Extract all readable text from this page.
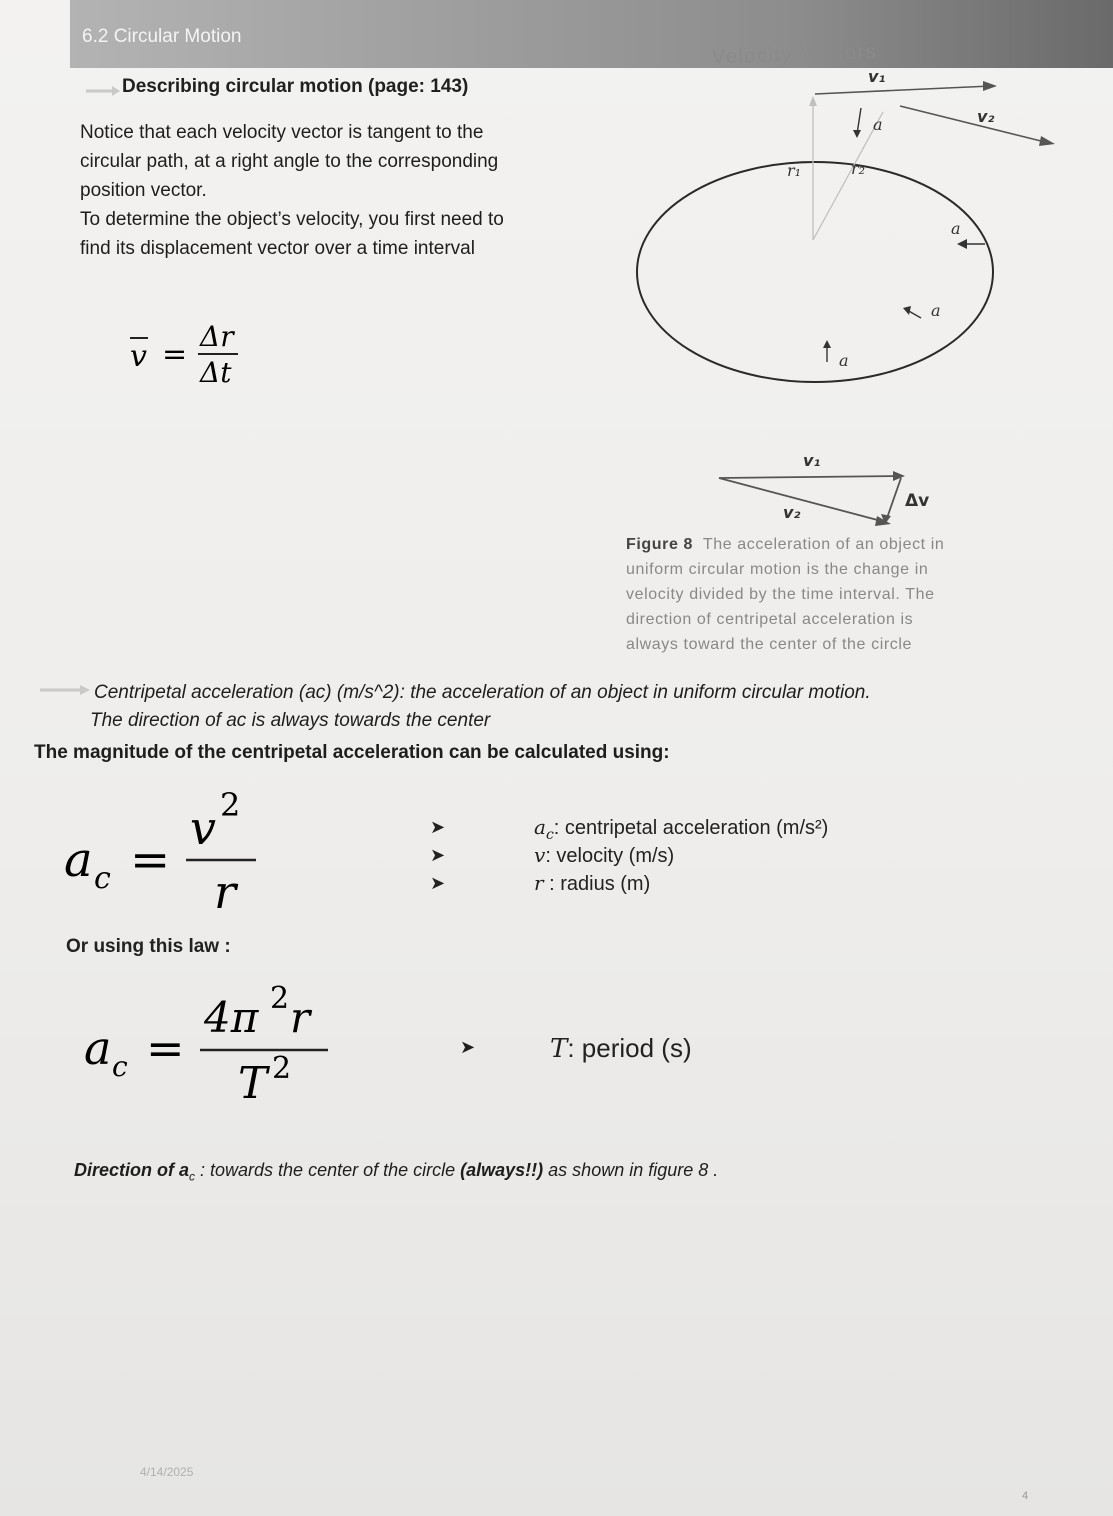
6.2 Circular Motion
Describing circular motion (page: 143)

Notice that each velocity vector is tangent to the

circular path, at a right angle to the corresponding

position vector.

To determine the object’s velocity, you first need to

find its displacement vector over a time interval

v =
Δr
Δt
Velocity Vectors
r₁	r₂
v₁
v₂
a
a
a
a
v₁
v₂
Δv
Figure 8 The acceleration of an object in
uniform circular motion is the change in
velocity divided by the time interval. The
direction of centripetal acceleration is
always toward the center of the circle
Centripetal acceleration (ac) (m/s^2): the acceleration of an object in uniform circular motion.
The direction of ac is always towards the center
The magnitude of the centripetal acceleration can be calculated using:
a c =
v 2
r
➤	$a_c$: centripetal acceleration (m/s²)
➤	v: velocity (m/s)
➤	r : radius (m)
Or using this law :
a c =
4π 2 r
T 2
➤	T: period (s)
Direction of $a_c$ : towards the center of the circle (always!!) as shown in figure 8 .
4/14/2025
4
